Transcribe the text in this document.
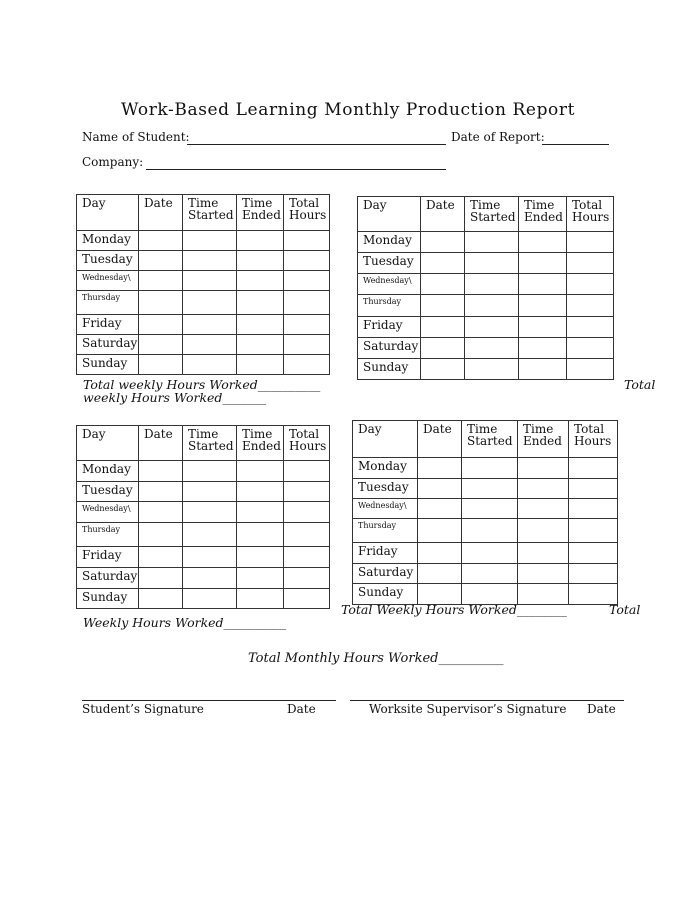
Work-Based Learning Monthly Production Report
Name of Student:	Date of Report:
Company:
Day	Date	Time Started	Time Ended	Total Hours
Monday				
Tuesday				
Wednesday\				
Thursday				
Friday				
Saturday				
Sunday				
Day	Date	Time Started	Time Ended	Total Hours
Monday				
Tuesday				
Wednesday\				
Thursday				
Friday				
Saturday				
Sunday				
Day	Date	Time Started	Time Ended	Total Hours
Monday				
Tuesday				
Wednesday\				
Thursday				
Friday				
Saturday				
Sunday				
Day	Date	Time Started	Time Ended	Total Hours
Monday				
Tuesday				
Wednesday\				
Thursday				
Friday				
Saturday				
Sunday				
Total weekly Hours Worked__________	Total
weekly Hours Worked_______
Total Weekly Hours Worked________	Total
Weekly Hours Worked__________
Total Monthly Hours Worked__________
Student’s Signature	Date	Worksite Supervisor’s Signature Date
